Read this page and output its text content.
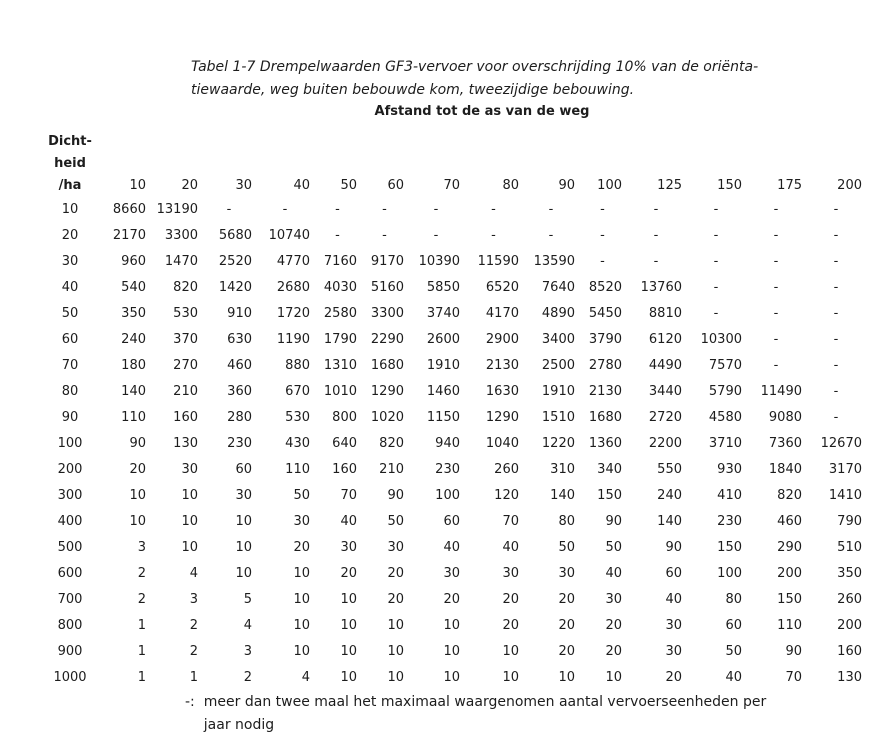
Tabel 1-7 Drempelwaarden GF3-vervoer voor overschrijding 10% van de oriënta-
tiewaarde, weg buiten bebouwde kom, tweezijdige bebouwing.
Afstand tot de as van de weg
Dicht-
heid
/ha	10	20	30	40	50	60	70	80	90	100	125	150	175	200
10	8660	13190	-	-	-	-	-	-	-	-	-	-	-	-
20	2170	3300	5680	10740	-	-	-	-	-	-	-	-	-	-
30	960	1470	2520	4770	7160	9170	10390	11590	13590	-	-	-	-	-
40	540	820	1420	2680	4030	5160	5850	6520	7640	8520	13760	-	-	-
50	350	530	910	1720	2580	3300	3740	4170	4890	5450	8810	-	-	-
60	240	370	630	1190	1790	2290	2600	2900	3400	3790	6120	10300	-	-
70	180	270	460	880	1310	1680	1910	2130	2500	2780	4490	7570	-	-
80	140	210	360	670	1010	1290	1460	1630	1910	2130	3440	5790	11490	-
90	110	160	280	530	800	1020	1150	1290	1510	1680	2720	4580	9080	-
100	90	130	230	430	640	820	940	1040	1220	1360	2200	3710	7360	12670
200	20	30	60	110	160	210	230	260	310	340	550	930	1840	3170
300	10	10	30	50	70	90	100	120	140	150	240	410	820	1410
400	10	10	10	30	40	50	60	70	80	90	140	230	460	790
500	3	10	10	20	30	30	40	40	50	50	90	150	290	510
600	2	4	10	10	20	20	30	30	30	40	60	100	200	350
700	2	3	5	10	10	20	20	20	20	30	40	80	150	260
800	1	2	4	10	10	10	10	20	20	20	30	60	110	200
900	1	2	3	10	10	10	10	10	20	20	30	50	90	160
1000	1	1	2	4	10	10	10	10	10	10	20	40	70	130
-: meer dan twee maal het maximaal waargenomen aantal vervoerseenheden per
jaar nodig
